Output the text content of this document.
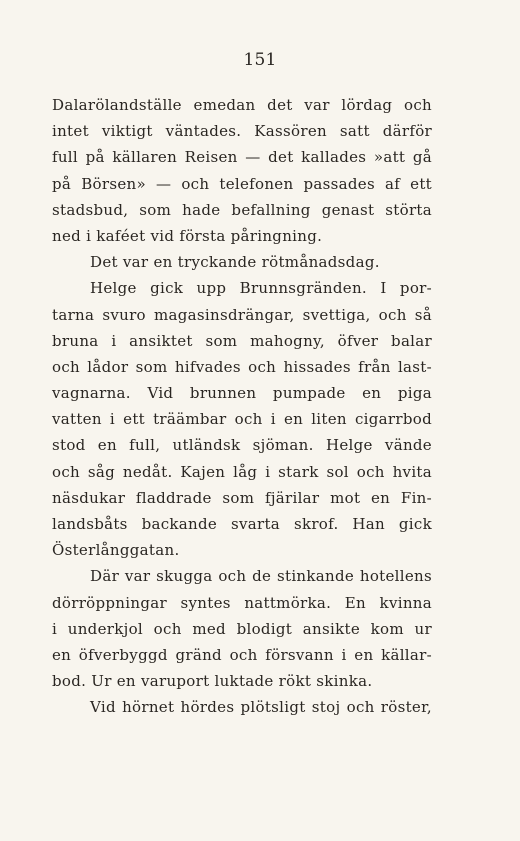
151
Dalarölandställe emedan det var lördag och
intet viktigt väntades. Kassören satt därför
full på källaren Reisen — det kallades »att gå
på Börsen» — och telefonen passades af ett
stadsbud, som hade befallning genast störta
ned i kaféet vid första påringning.
Det var en tryckande rötmånadsdag.
Helge gick upp Brunnsgränden. I por-
tarna svuro magasinsdrängar, svettiga, och så
bruna i ansiktet som mahogny, öfver balar
och lådor som hifvades och hissades från last-
vagnarna. Vid brunnen pumpade en piga
vatten i ett träämbar och i en liten cigarrbod
stod en full, utländsk sjöman. Helge vände
och såg nedåt. Kajen låg i stark sol och hvita
näsdukar fladdrade som fjärilar mot en Fin-
landsbåts backande svarta skrof. Han gick
Österlånggatan.
Där var skugga och de stinkande hotellens
dörröppningar syntes nattmörka. En kvinna
i underkjol och med blodigt ansikte kom ur
en öfverbyggd gränd och försvann i en källar-
bod. Ur en varuport luktade rökt skinka.
Vid hörnet hördes plötsligt stoj och röster,
